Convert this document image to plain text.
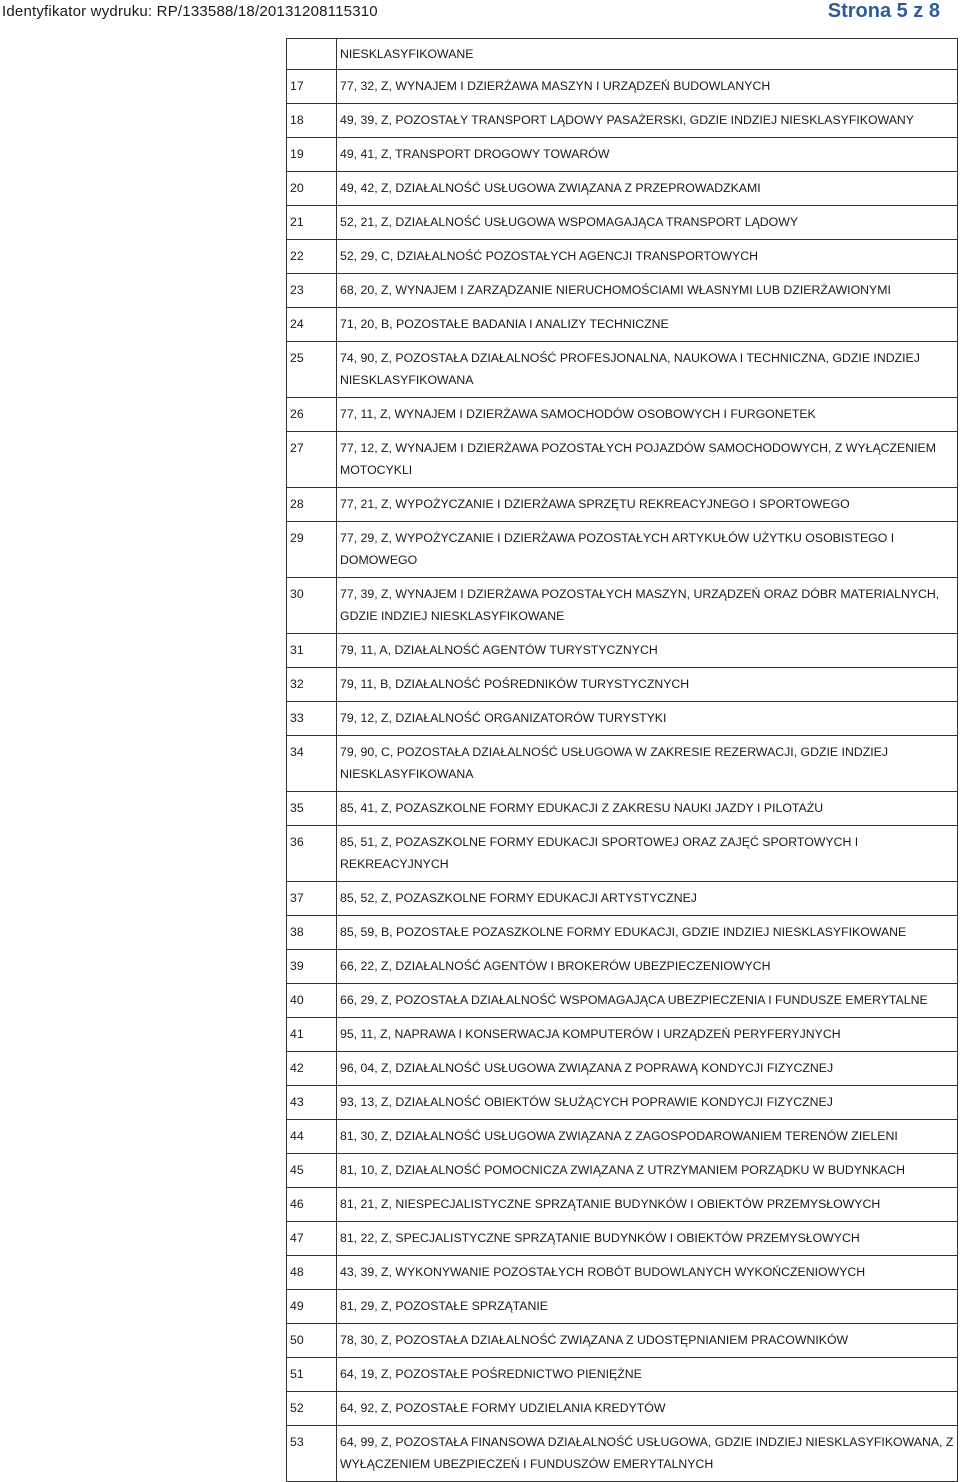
Identyfikator wydruku: RP/133588/18/20131208115310	Strona 5 z 8
	NIESKLASYFIKOWANE
17	77, 32, Z, WYNAJEM I DZIERŻAWA MASZYN I URZĄDZEŃ BUDOWLANYCH
18	49, 39, Z, POZOSTAŁY TRANSPORT LĄDOWY PASAŻERSKI, GDZIE INDZIEJ NIESKLASYFIKOWANY
19	49, 41, Z, TRANSPORT DROGOWY TOWARÓW
20	49, 42, Z, DZIAŁALNOŚĆ USŁUGOWA ZWIĄZANA Z PRZEPROWADZKAMI
21	52, 21, Z, DZIAŁALNOŚĆ USŁUGOWA WSPOMAGAJĄCA TRANSPORT LĄDOWY
22	52, 29, C, DZIAŁALNOŚĆ POZOSTAŁYCH AGENCJI TRANSPORTOWYCH
23	68, 20, Z, WYNAJEM I ZARZĄDZANIE NIERUCHOMOŚCIAMI WŁASNYMI LUB DZIERŻAWIONYMI
24	71, 20, B, POZOSTAŁE BADANIA I ANALIZY TECHNICZNE
25	74, 90, Z, POZOSTAŁA DZIAŁALNOŚĆ PROFESJONALNA, NAUKOWA I TECHNICZNA, GDZIE INDZIEJ NIESKLASYFIKOWANA
26	77, 11, Z, WYNAJEM I DZIERŻAWA SAMOCHODÓW OSOBOWYCH I FURGONETEK
27	77, 12, Z, WYNAJEM I DZIERŻAWA POZOSTAŁYCH POJAZDÓW SAMOCHODOWYCH, Z WYŁĄCZENIEM MOTOCYKLI
28	77, 21, Z, WYPOŻYCZANIE I DZIERŻAWA SPRZĘTU REKREACYJNEGO I SPORTOWEGO
29	77, 29, Z, WYPOŻYCZANIE I DZIERŻAWA POZOSTAŁYCH ARTYKUŁÓW UŻYTKU OSOBISTEGO I DOMOWEGO
30	77, 39, Z, WYNAJEM I DZIERŻAWA POZOSTAŁYCH MASZYN, URZĄDZEŃ ORAZ DÓBR MATERIALNYCH, GDZIE INDZIEJ NIESKLASYFIKOWANE
31	79, 11, A, DZIAŁALNOŚĆ AGENTÓW TURYSTYCZNYCH
32	79, 11, B, DZIAŁALNOŚĆ POŚREDNIKÓW TURYSTYCZNYCH
33	79, 12, Z, DZIAŁALNOŚĆ ORGANIZATORÓW TURYSTYKI
34	79, 90, C, POZOSTAŁA DZIAŁALNOŚĆ USŁUGOWA W ZAKRESIE REZERWACJI, GDZIE INDZIEJ NIESKLASYFIKOWANA
35	85, 41, Z, POZASZKOLNE FORMY EDUKACJI Z ZAKRESU NAUKI JAZDY I PILOTAŻU
36	85, 51, Z, POZASZKOLNE FORMY EDUKACJI SPORTOWEJ ORAZ ZAJĘĆ SPORTOWYCH I REKREACYJNYCH
37	85, 52, Z, POZASZKOLNE FORMY EDUKACJI ARTYSTYCZNEJ
38	85, 59, B, POZOSTAŁE POZASZKOLNE FORMY EDUKACJI, GDZIE INDZIEJ NIESKLASYFIKOWANE
39	66, 22, Z, DZIAŁALNOŚĆ AGENTÓW I BROKERÓW UBEZPIECZENIOWYCH
40	66, 29, Z, POZOSTAŁA DZIAŁALNOŚĆ WSPOMAGAJĄCA UBEZPIECZENIA I FUNDUSZE EMERYTALNE
41	95, 11, Z, NAPRAWA I KONSERWACJA KOMPUTERÓW I URZĄDZEŃ PERYFERYJNYCH
42	96, 04, Z, DZIAŁALNOŚĆ USŁUGOWA ZWIĄZANA Z POPRAWĄ KONDYCJI FIZYCZNEJ
43	93, 13, Z, DZIAŁALNOŚĆ OBIEKTÓW SŁUŻĄCYCH POPRAWIE KONDYCJI FIZYCZNEJ
44	81, 30, Z, DZIAŁALNOŚĆ USŁUGOWA ZWIĄZANA Z ZAGOSPODAROWANIEM TERENÓW ZIELENI
45	81, 10, Z, DZIAŁALNOŚĆ POMOCNICZA ZWIĄZANA Z UTRZYMANIEM PORZĄDKU W BUDYNKACH
46	81, 21, Z, NIESPECJALISTYCZNE SPRZĄTANIE BUDYNKÓW I OBIEKTÓW PRZEMYSŁOWYCH
47	81, 22, Z, SPECJALISTYCZNE SPRZĄTANIE BUDYNKÓW I OBIEKTÓW PRZEMYSŁOWYCH
48	43, 39, Z, WYKONYWANIE POZOSTAŁYCH ROBÓT BUDOWLANYCH WYKOŃCZENIOWYCH
49	81, 29, Z, POZOSTAŁE SPRZĄTANIE
50	78, 30, Z, POZOSTAŁA DZIAŁALNOŚĆ ZWIĄZANA Z UDOSTĘPNIANIEM PRACOWNIKÓW
51	64, 19, Z, POZOSTAŁE POŚREDNICTWO PIENIĘŻNE
52	64, 92, Z, POZOSTAŁE FORMY UDZIELANIA KREDYTÓW
53	64, 99, Z, POZOSTAŁA FINANSOWA DZIAŁALNOŚĆ USŁUGOWA, GDZIE INDZIEJ NIESKLASYFIKOWANA, Z WYŁĄCZENIEM UBEZPIECZEŃ I FUNDUSZÓW EMERYTALNYCH
